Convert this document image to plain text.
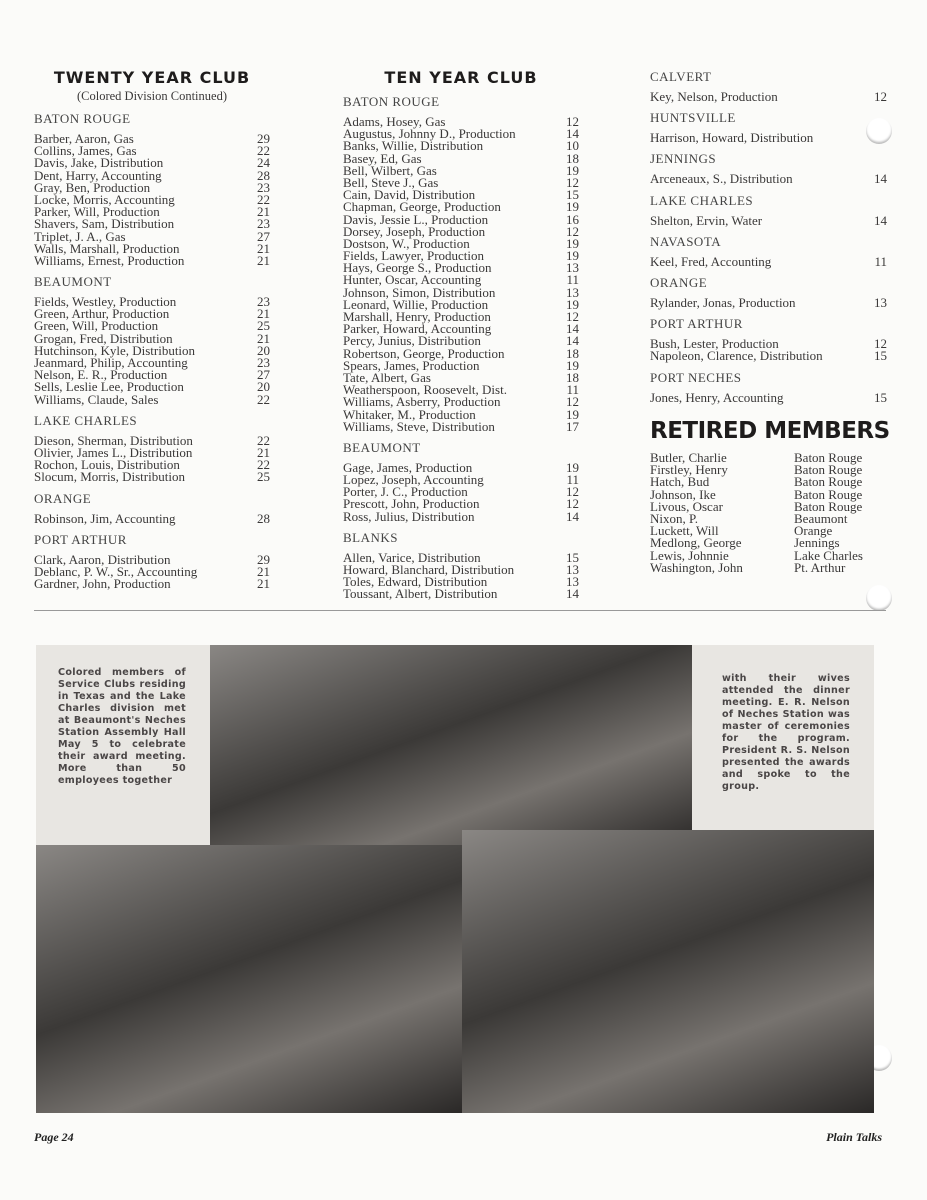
TWENTY YEAR CLUB
(Colored Division Continued)
BATON ROUGE
Barber, Aaron, Gas	29
Collins, James, Gas	22
Davis, Jake, Distribution	24
Dent, Harry, Accounting	28
Gray, Ben, Production	23
Locke, Morris, Accounting	22
Parker, Will, Production	21
Shavers, Sam, Distribution	23
Triplet, J. A., Gas	27
Walls, Marshall, Production	21
Williams, Ernest, Production	21
BEAUMONT
Fields, Westley, Production	23
Green, Arthur, Production	21
Green, Will, Production	25
Grogan, Fred, Distribution	21
Hutchinson, Kyle, Distribution	20
Jeanmard, Philip, Accounting	23
Nelson, E. R., Production	27
Sells, Leslie Lee, Production	20
Williams, Claude, Sales	22
LAKE CHARLES
Dieson, Sherman, Distribution	22
Olivier, James L., Distribution	21
Rochon, Louis, Distribution	22
Slocum, Morris, Distribution	25
ORANGE
Robinson, Jim, Accounting	28
PORT ARTHUR
Clark, Aaron, Distribution	29
Deblanc, P. W., Sr., Accounting	21
Gardner, John, Production	21
TEN YEAR CLUB
BATON ROUGE
Adams, Hosey, Gas	12
Augustus, Johnny D., Production	14
Banks, Willie, Distribution	10
Basey, Ed, Gas	18
Bell, Wilbert, Gas	19
Bell, Steve J., Gas	12
Cain, David, Distribution	15
Chapman, George, Production	19
Davis, Jessie L., Production	16
Dorsey, Joseph, Production	12
Dostson, W., Production	19
Fields, Lawyer, Production	19
Hays, George S., Production	13
Hunter, Oscar, Accounting	11
Johnson, Simon, Distribution	13
Leonard, Willie, Production	19
Marshall, Henry, Production	12
Parker, Howard, Accounting	14
Percy, Junius, Distribution	14
Robertson, George, Production	18
Spears, James, Production	19
Tate, Albert, Gas	18
Weatherspoon, Roosevelt, Dist.	11
Williams, Asberry, Production	12
Whitaker, M., Production	19
Williams, Steve, Distribution	17
BEAUMONT
Gage, James, Production	19
Lopez, Joseph, Accounting	11
Porter, J. C., Production	12
Prescott, John, Production	12
Ross, Julius, Distribution	14
BLANKS
Allen, Varice, Distribution	15
Howard, Blanchard, Distribution	13
Toles, Edward, Distribution	13
Toussant, Albert, Distribution	14
CALVERT
Key, Nelson, Production	12
HUNTSVILLE
Harrison, Howard, Distribution
JENNINGS
Arceneaux, S., Distribution	14
LAKE CHARLES
Shelton, Ervin, Water	14
NAVASOTA
Keel, Fred, Accounting	11
ORANGE
Rylander, Jonas, Production	13
PORT ARTHUR
Bush, Lester, Production	12
Napoleon, Clarence, Distribution	15
PORT NECHES
Jones, Henry, Accounting	15
RETIRED MEMBERS
Butler, Charlie	Baton Rouge
Firstley, Henry	Baton Rouge
Hatch, Bud	Baton Rouge
Johnson, Ike	Baton Rouge
Livous, Oscar	Baton Rouge
Nixon, P.	Beaumont
Luckett, Will	Orange
Medlong, George	Jennings
Lewis, Johnnie	Lake Charles
Washington, John	Pt. Arthur
Colored members of Service Clubs residing in Texas and the Lake Charles division met at Beaumont's Neches Station Assembly Hall May 5 to celebrate their award meeting. More than 50 employees together
with their wives attended the dinner meeting. E. R. Nelson of Neches Station was master of ceremonies for the program. President R. S. Nelson presented the awards and spoke to the group.
Page 24	Plain Talks
